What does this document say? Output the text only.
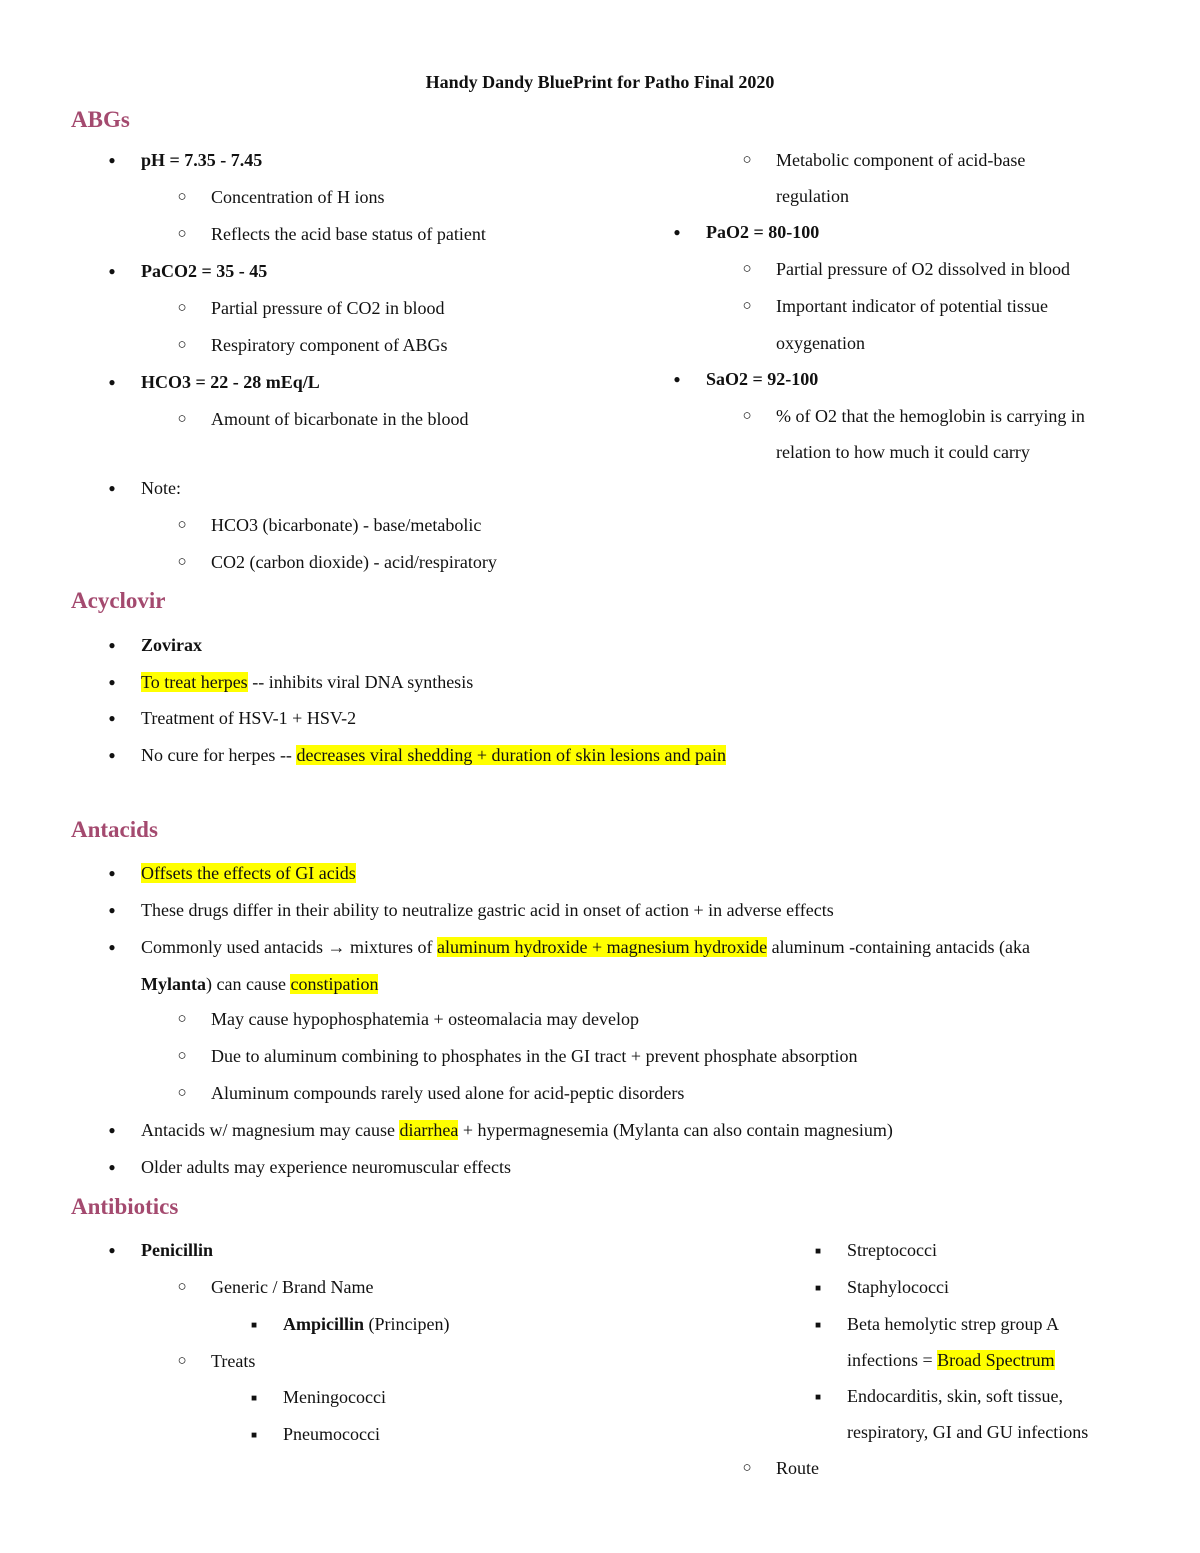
Handy Dandy BluePrint for Patho Final 2020
ABGs
●
pH = 7.35 - 7.45
○
Concentration of H ions
○
Reflects the acid base status of patient
●
PaCO2 = 35 - 45
○
Partial pressure of CO2 in blood
○
Respiratory component of ABGs
●
HCO3 = 22 - 28 mEq/L
○
Amount of bicarbonate in the blood
●
Note:
○
HCO3 (bicarbonate) - base/metabolic
○
CO2 (carbon dioxide) - acid/respiratory
○
Metabolic component of acid-base
regulation
●
PaO2 = 80-100
○
Partial pressure of O2 dissolved in blood
○
Important indicator of potential tissue
oxygenation
●
SaO2 = 92-100
○
% of O2 that the hemoglobin is carrying in
relation to how much it could carry
Acyclovir
●
Zovirax
●
To treat herpes -- inhibits viral DNA synthesis
●
Treatment of HSV-1 + HSV-2
●
No cure for herpes -- decreases viral shedding + duration of skin lesions and pain
Antacids
●
Offsets the effects of GI acids
●
These drugs differ in their ability to neutralize gastric acid in onset of action + in adverse effects
●
Commonly used antacids → mixtures of aluminum hydroxide + magnesium hydroxide aluminum -containing antacids (aka
Mylanta) can cause constipation
○
May cause hypophosphatemia + osteomalacia may develop
○
Due to aluminum combining to phosphates in the GI tract + prevent phosphate absorption
○
Aluminum compounds rarely used alone for acid-peptic disorders
●
Antacids w/ magnesium may cause diarrhea + hypermagnesemia (Mylanta can also contain magnesium)
●
Older adults may experience neuromuscular effects
Antibiotics
●
Penicillin
○
Generic / Brand Name
■
Ampicillin (Principen)
○
Treats
■
Meningococci
■
Pneumococci
■
Streptococci
■
Staphylococci
■
Beta hemolytic strep group A
infections = Broad Spectrum
■
Endocarditis, skin, soft tissue,
respiratory, GI and GU infections
○
Route
